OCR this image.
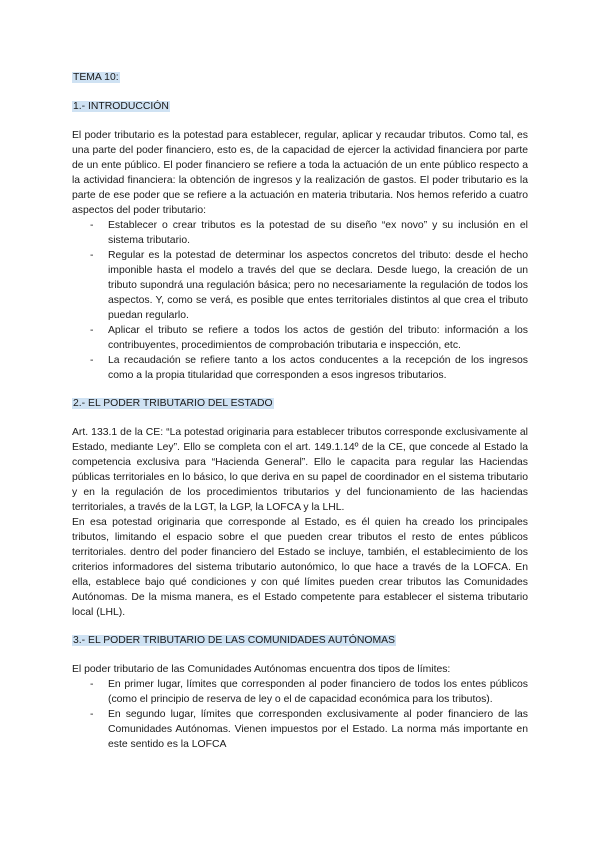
TEMA 10:
1.- INTRODUCCIÓN

El poder tributario es la potestad para establecer, regular, aplicar y recaudar tributos. Como tal, es una parte del poder financiero, esto es, de la capacidad de ejercer la actividad financiera por parte de un ente público. El poder financiero se refiere a toda la actuación de un ente público respecto a la actividad financiera: la obtención de ingresos y la realización de gastos. El poder tributario es la parte de ese poder que se refiere a la actuación en materia tributaria. Nos hemos referido a cuatro aspectos del poder tributario:

- Establecer o crear tributos es la potestad de su diseño “ex novo” y su inclusión en el sistema tributario.
- Regular es la potestad de determinar los aspectos concretos del tributo: desde el hecho imponible hasta el modelo a través del que se declara. Desde luego, la creación de un tributo supondrá una regulación básica; pero no necesariamente la regulación de todos los aspectos. Y, como se verá, es posible que entes territoriales distintos al que crea el tributo puedan regularlo.
- Aplicar el tributo se refiere a todos los actos de gestión del tributo: información a los contribuyentes, procedimientos de comprobación tributaria e inspección, etc.
- La recaudación se refiere tanto a los actos conducentes a la recepción de los ingresos como a la propia titularidad que corresponden a esos ingresos tributarios.
2.- EL PODER TRIBUTARIO DEL ESTADO

Art. 133.1 de la CE: “La potestad originaria para establecer tributos corresponde exclusivamente al Estado, mediante Ley”. Ello se completa con el art. 149.1.14º de la CE, que concede al Estado la competencia exclusiva para “Hacienda General”. Ello le capacita para regular las Haciendas públicas territoriales en lo básico, lo que deriva en su papel de coordinador en el sistema tributario y en la regulación de los procedimientos tributarios y del funcionamiento de las haciendas territoriales, a través de la LGT, la LGP, la LOFCA y la LHL.

En esa potestad originaria que corresponde al Estado, es él quien ha creado los principales tributos, limitando el espacio sobre el que pueden crear tributos el resto de entes públicos territoriales. dentro del poder financiero del Estado se incluye, también, el establecimiento de los criterios informadores del sistema tributario autonómico, lo que hace a través de la LOFCA. En ella, establece bajo qué condiciones y con qué límites pueden crear tributos las Comunidades Autónomas. De la misma manera, es el Estado competente para establecer el sistema tributario local (LHL).

3.- EL PODER TRIBUTARIO DE LAS COMUNIDADES AUTÓNOMAS

El poder tributario de las Comunidades Autónomas encuentra dos tipos de límites:

- En primer lugar, límites que corresponden al poder financiero de todos los entes públicos (como el principio de reserva de ley o el de capacidad económica para los tributos).
- En segundo lugar, límites que corresponden exclusivamente al poder financiero de las Comunidades Autónomas. Vienen impuestos por el Estado. La norma más importante en este sentido es la LOFCA
